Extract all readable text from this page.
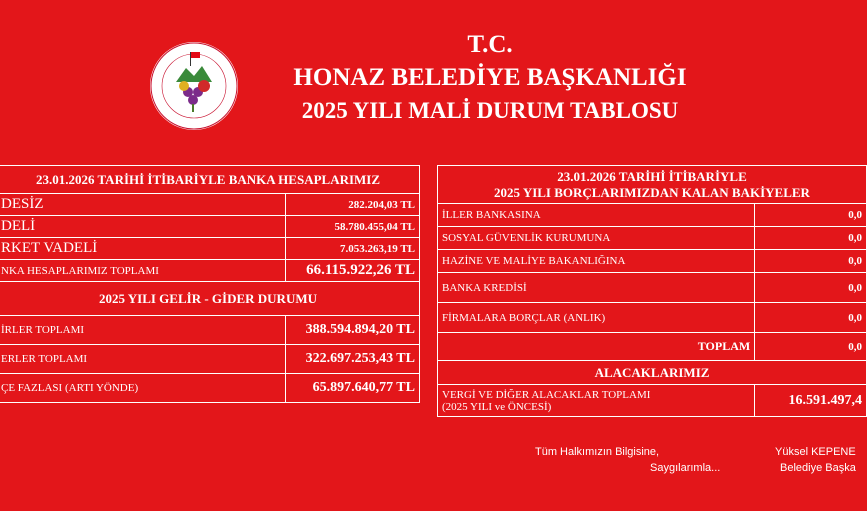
T.C.
HONAZ BELEDİYE BAŞKANLIĞI
2025 YILI MALİ DURUM TABLOSU
23.01.2026 TARİHİ İTİBARİYLE BANKA HESAPLARIMIZ	
DESİZ	282.204,03 TL
DELİ	58.780.455,04 TL
RKET VADELİ	7.053.263,19 TL
NKA HESAPLARIMIZ TOPLAMI	66.115.922,26 TL
2025 YILI GELİR - GİDER DURUMU	
İRLER TOPLAMI	388.594.894,20 TL
ERLER TOPLAMI	322.697.253,43 TL
ÇE FAZLASI (ARTI YÖNDE)	65.897.640,77 TL
23.01.2026 TARİHİ İTİBARİYLE
2025 YILI BORÇLARIMIZDAN KALAN BAKİYELER	

İLLER BANKASINA	0,0
SOSYAL GÜVENLİK KURUMUNA	0,0
HAZİNE VE MALİYE BAKANLIĞINA	0,0
BANKA KREDİSİ	0,0
FİRMALARA BORÇLAR (ANLIK)	0,0
TOPLAM	0,0
ALACAKLARIMIZ	

VERGİ VE DİĞER ALACAKLAR TOPLAMI
(2025 YILI ve ÖNCESİ)	16.591.497,4
Tüm Halkımızın Bilgisine,
Saygılarımla...
Yüksel KEPENE
Belediye Başka
